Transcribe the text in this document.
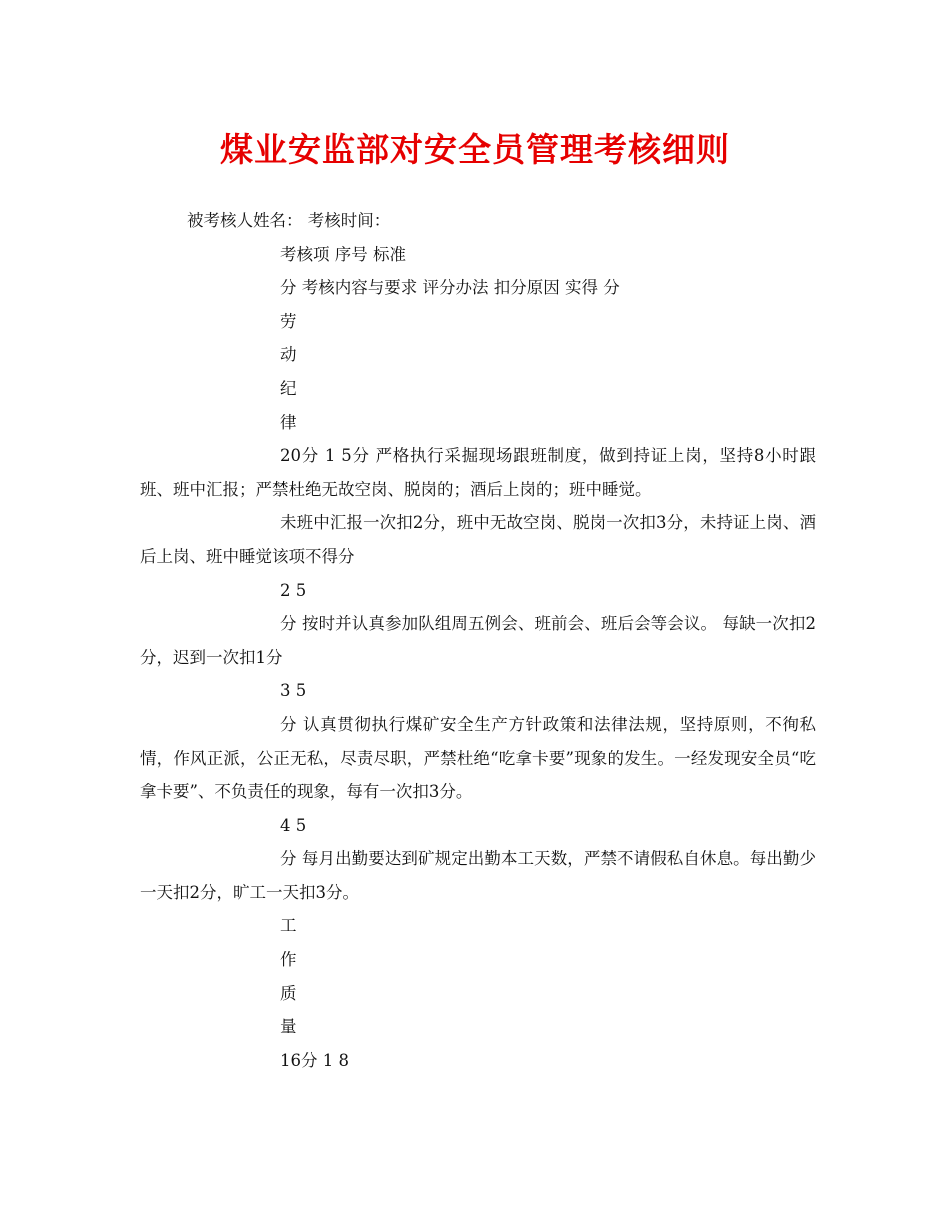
煤业安监部对安全员管理考核细则
被考核人姓名： 考核时间：
考核项 序号 标准
分 考核内容与要求 评分办法 扣分原因 实得 分
劳
动
纪
律
20分 1 5分 严格执行采掘现场跟班制度，做到持证上岗，坚持8小时跟班、班中汇报；严禁杜绝无故空岗、脱岗的；酒后上岗的；班中睡觉。
未班中汇报一次扣2分，班中无故空岗、脱岗一次扣3分，未持证上岗、酒后上岗、班中睡觉该项不得分
2 5
分 按时并认真参加队组周五例会、班前会、班后会等会议。 每缺一次扣2分，迟到一次扣1分
3 5
分 认真贯彻执行煤矿安全生产方针政策和法律法规，坚持原则，不徇私情，作风正派，公正无私，尽责尽职，严禁杜绝“吃拿卡要”现象的发生。一经发现安全员“吃拿卡要”、不负责任的现象，每有一次扣3分。
4 5
分 每月出勤要达到矿规定出勤本工天数，严禁不请假私自休息。每出勤少一天扣2分，旷工一天扣3分。
工
作
质
量
16分 1 8
